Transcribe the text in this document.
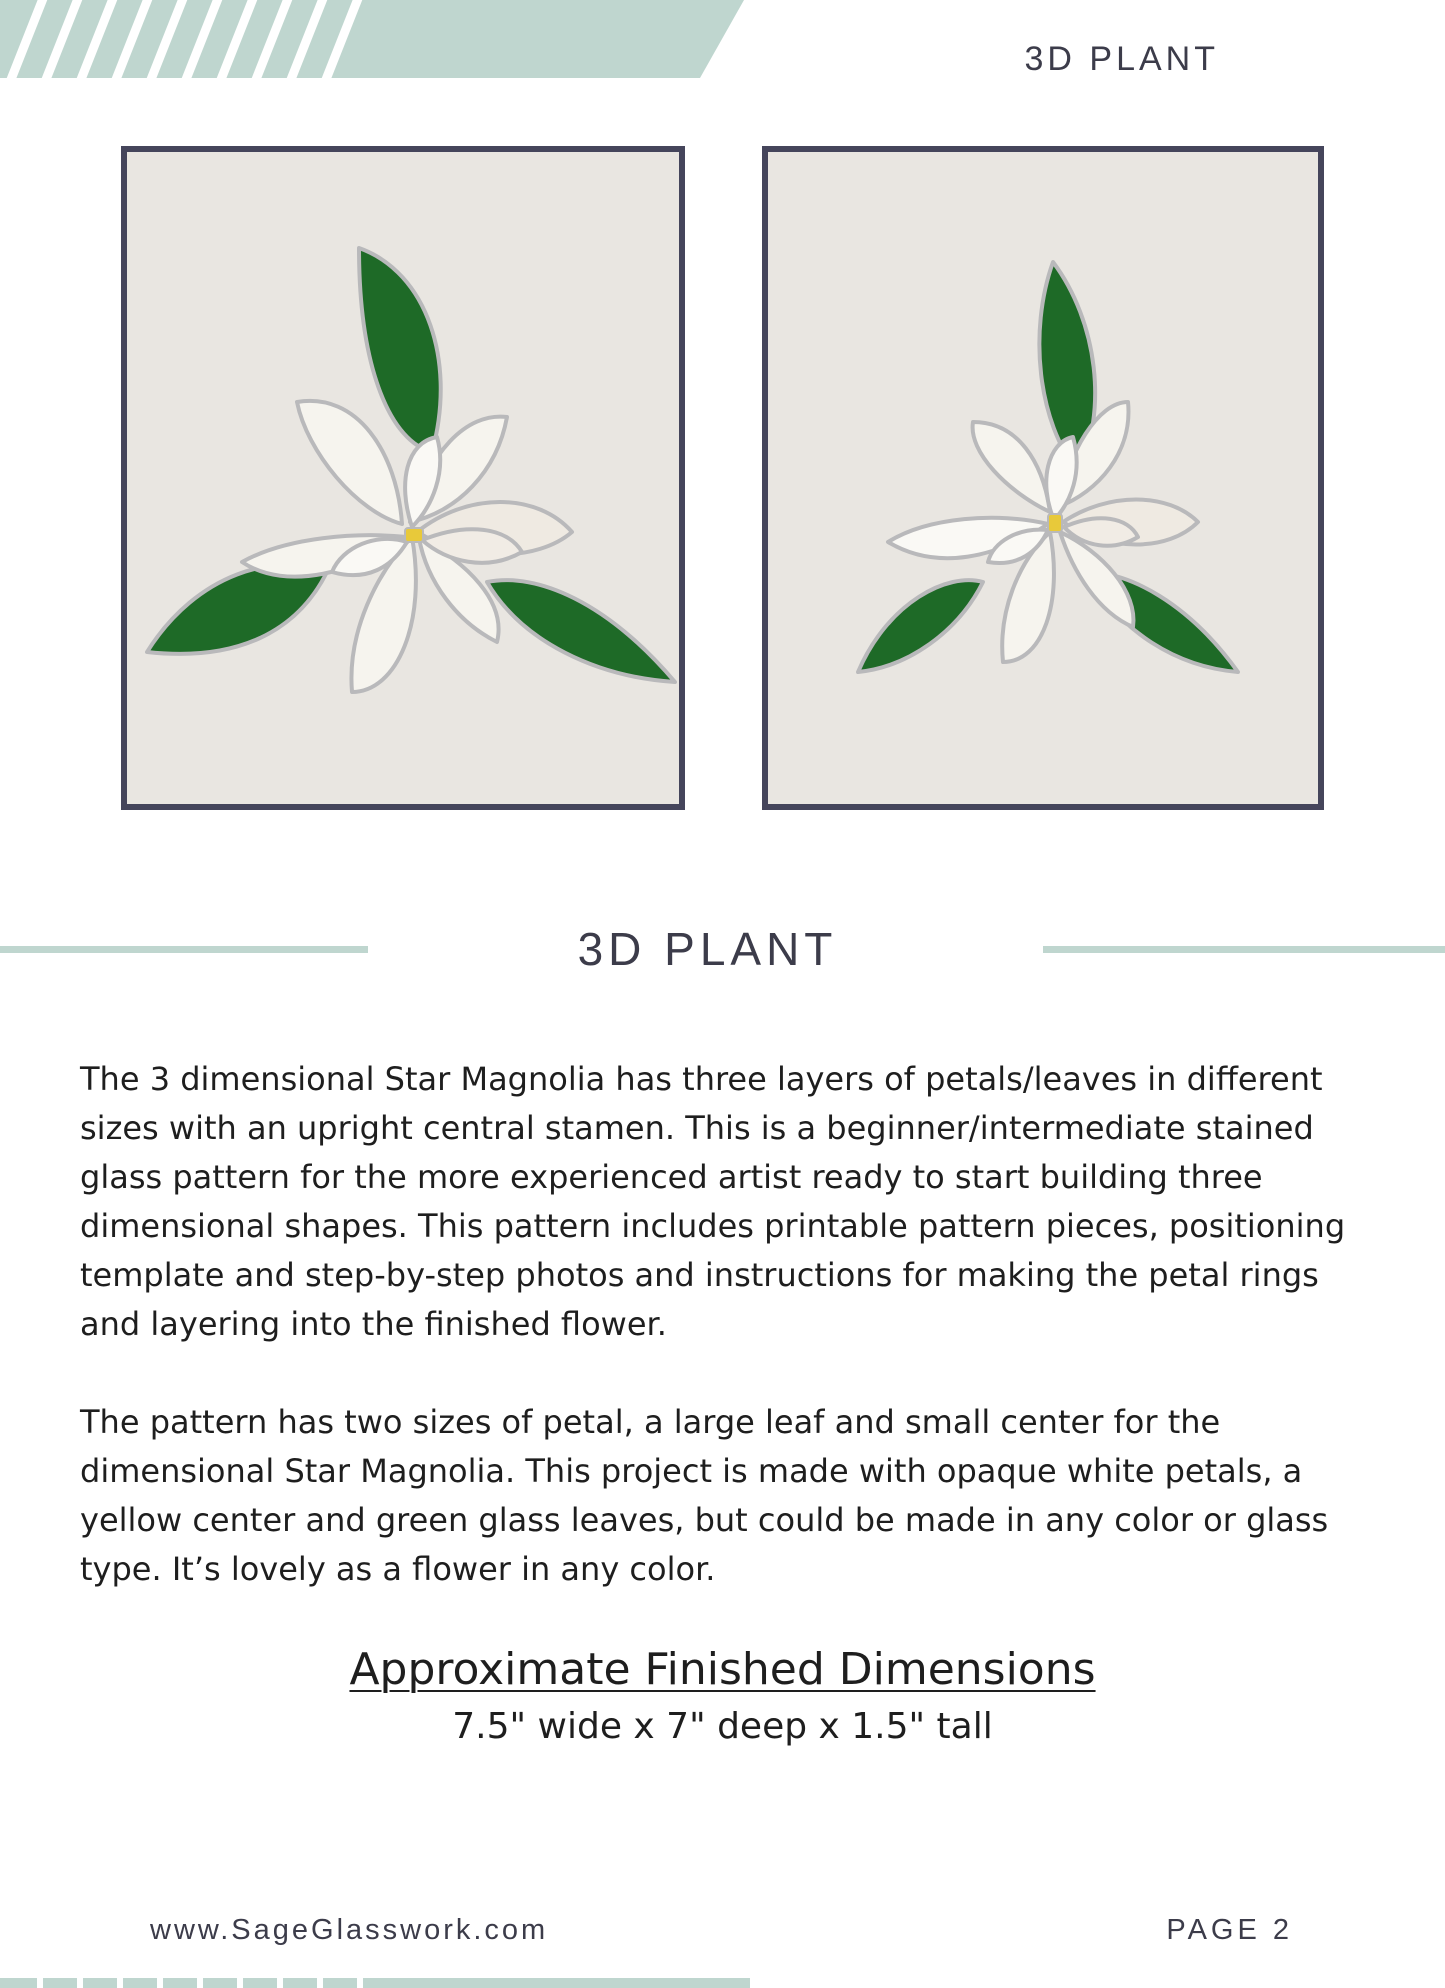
3D PLANT
3D PLANT

The 3 dimensional Star Magnolia has three layers of petals/leaves in different sizes with an upright central stamen. This is a beginner/intermediate stained glass pattern for the more experienced artist ready to start building three dimensional shapes. This pattern includes printable pattern pieces, positioning template and step-by-step photos and instructions for making the petal rings and layering into the finished flower.

The pattern has two sizes of petal, a large leaf and small center for the dimensional Star Magnolia. This project is made with opaque white petals, a yellow center and green glass leaves, but could be made in any color or glass type. It’s lovely as a flower in any color.

Approximate Finished Dimensions
7.5" wide x 7" deep x 1.5" tall
www.SageGlasswork.com	PAGE 2
